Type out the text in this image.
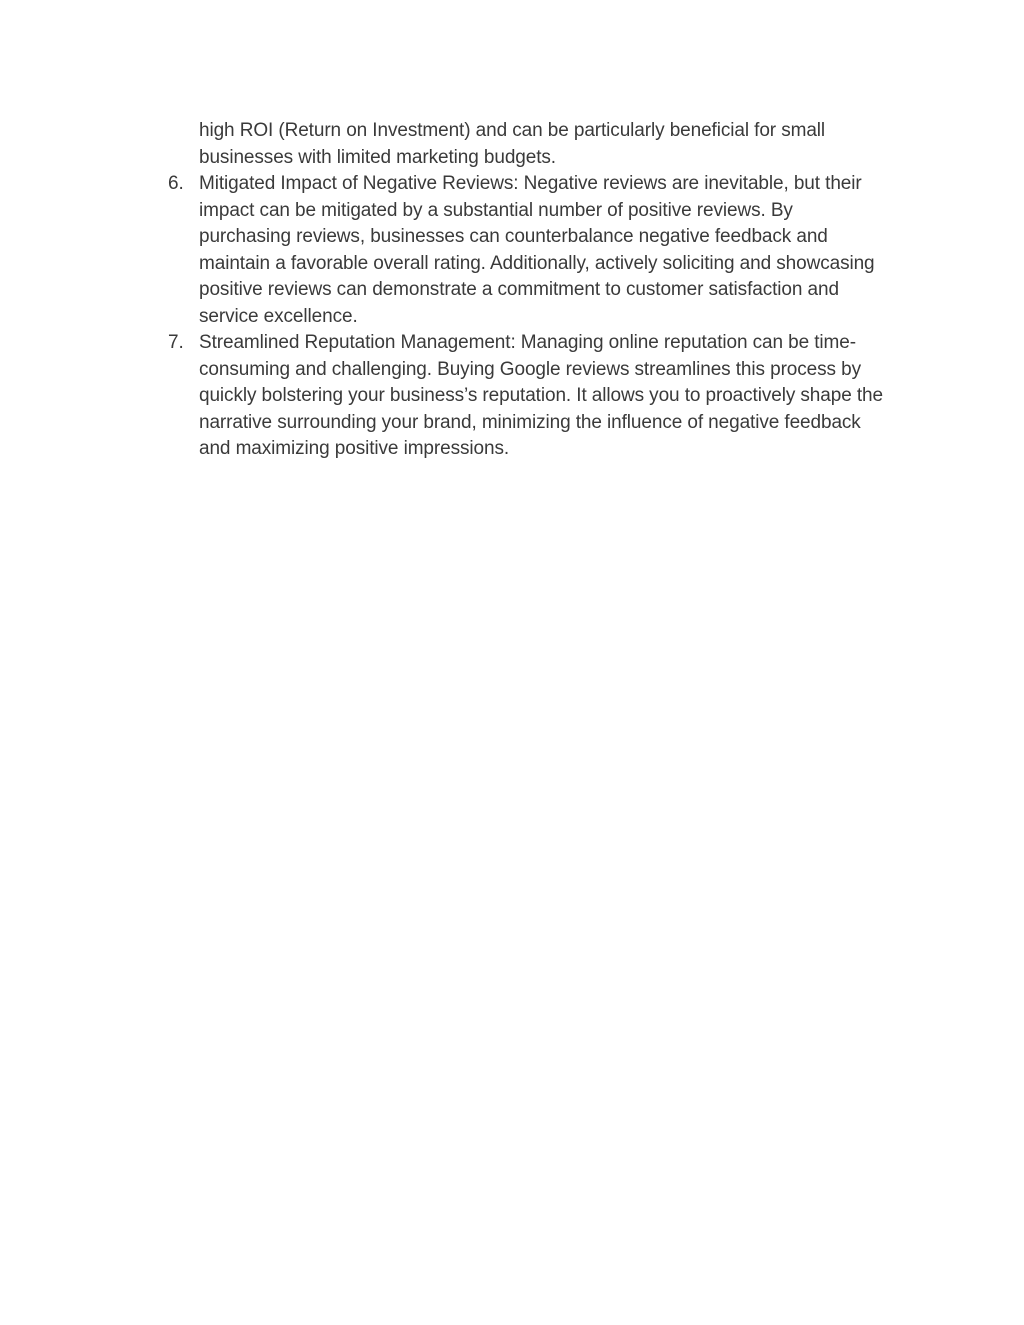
high ROI (Return on Investment) and can be particularly beneficial for small businesses with limited marketing budgets.

6. Mitigated Impact of Negative Reviews: Negative reviews are inevitable, but their impact can be mitigated by a substantial number of positive reviews. By purchasing reviews, businesses can counterbalance negative feedback and maintain a favorable overall rating. Additionally, actively soliciting and showcasing positive reviews can demonstrate a commitment to customer satisfaction and service excellence.

7. Streamlined Reputation Management: Managing online reputation can be time-consuming and challenging. Buying Google reviews streamlines this process by quickly bolstering your business’s reputation. It allows you to proactively shape the narrative surrounding your brand, minimizing the influence of negative feedback and maximizing positive impressions.
